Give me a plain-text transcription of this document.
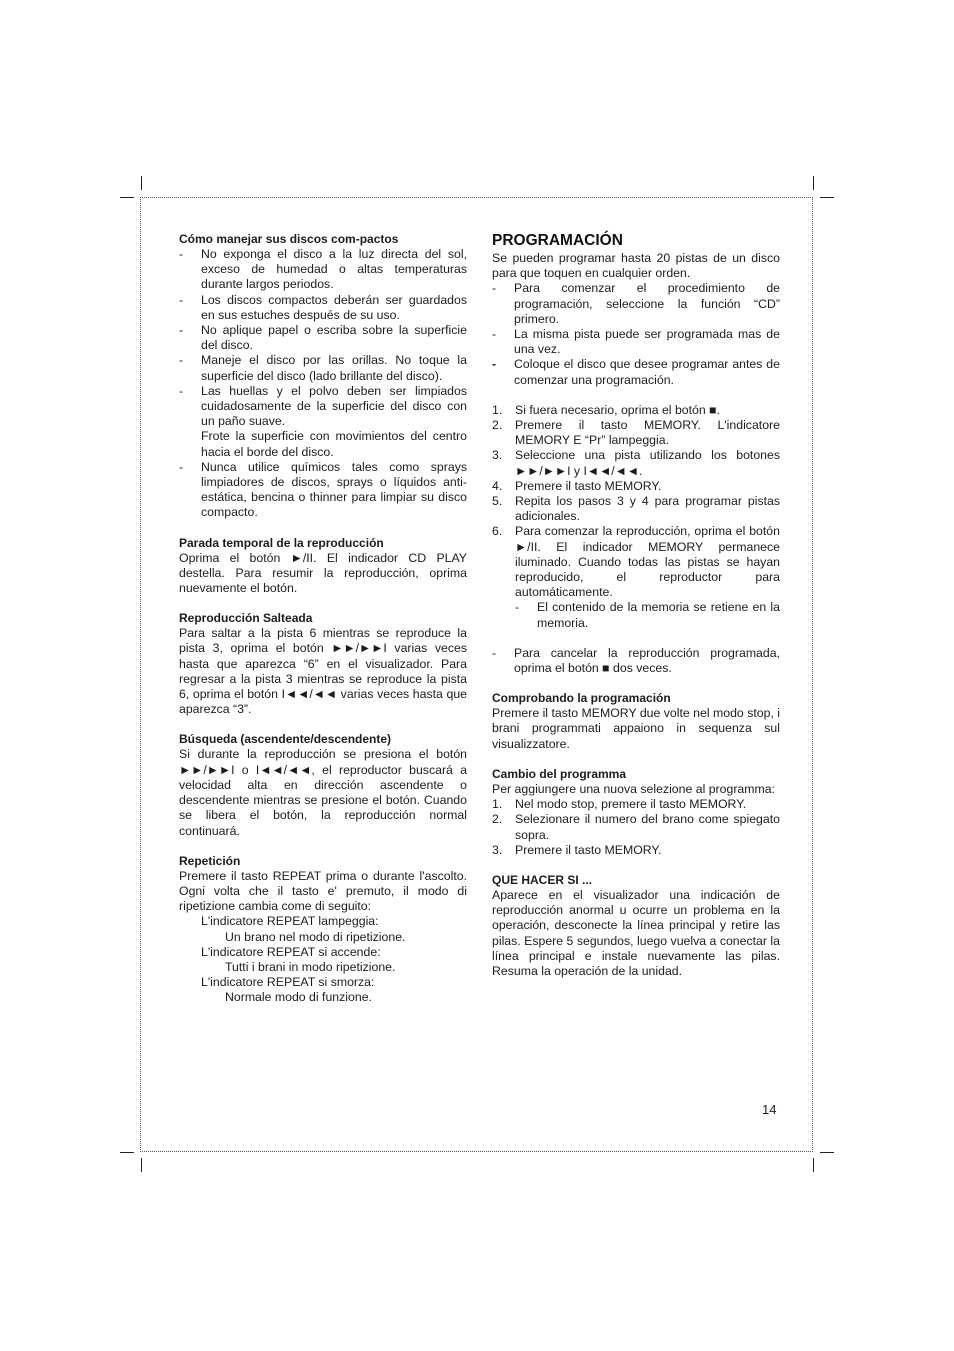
Cómo manejar sus discos com-pactos
- No exponga el disco a la luz directa del sol, exceso de humedad o altas temperaturas durante largos periodos.
- Los discos compactos deberán ser guardados en sus estuches después de su uso.
- No aplique papel o escriba sobre la superficie del disco.
- Maneje el disco por las orillas. No toque la superficie del disco (lado brillante del disco).
- Las huellas y el polvo deben ser limpiados cuidadosamente de la superficie del disco con un paño suave.
Frote la superficie con movimientos del centro hacia el borde del disco.
- Nunca utilice químicos tales como sprays limpiadores de discos, sprays o líquidos anti-estática, bencina o thinner para limpiar su disco compacto.
Parada temporal de la reproducción

Oprima el botón ►/II. El indicador CD PLAY destella. Para resumir la reproducción, oprima nuevamente el botón.

Reproducción Salteada

Para saltar a la pista 6 mientras se reproduce la pista 3, oprima el botón ►►/►►I varias veces hasta que aparezca “6” en el visualizador. Para regresar a la pista 3 mientras se reproduce la pista 6, oprima el botón I◄◄/◄◄ varias veces hasta que aparezca “3”.

Búsqueda (ascendente/descendente)

Si durante la reproducción se presiona el botón ►►/►►I o I◄◄/◄◄, el reproductor buscará a velocidad alta en dirección ascendente o descendente mientras se presione el botón. Cuando se libera el botón, la reproducción normal continuará.

Repetición

Premere il tasto REPEAT prima o durante l'ascolto. Ogni volta che il tasto e' premuto, il modo di ripetizione cambia come di seguito:

L'indicatore REPEAT lampeggia:
Un brano nel modo di ripetizione.
L'indicatore REPEAT si accende:
Tutti i brani in modo ripetizione.
L'indicatore REPEAT si smorza:
Normale modo di funzione.
PROGRAMACIÓN

Se pueden programar hasta 20 pistas de un disco para que toquen en cualquier orden.

- Para comenzar el procedimiento de programación, seleccione la función “CD” primero.
- La misma pista puede ser programada mas de una vez.
- Coloque el disco que desee programar antes de comenzar una programación.
1. Si fuera necesario, oprima el botón ■.
2. Premere il tasto MEMORY. L'indicatore MEMORY E “Pr” lampeggia.
3. Seleccione una pista utilizando los botones ►►/►►I y I◄◄/◄◄.
4. Premere il tasto MEMORY.
5. Repita los pasos 3 y 4 para programar pistas adicionales.
6. Para comenzar la reproducción, oprima el botón ►/II. El indicador MEMORY permanece iluminado. Cuando todas las pistas se hayan reproducido, el reproductor para automáticamente.
- El contenido de la memoria se retiene en la memoria.
- Para cancelar la reproducción programada, oprima el botón ■ dos veces.
Comprobando la programación

Premere il tasto MEMORY due volte nel modo stop, i brani programmati appaiono in sequenza sul visualizzatore.

Cambio del programma

Per aggiungere una nuova selezione al programma:

1. Nel modo stop, premere il tasto MEMORY.
2. Selezionare il numero del brano come spiegato sopra.
3. Premere il tasto MEMORY.
QUE HACER SI ...

Aparece en el visualizador una indicación de reproducción anormal u ocurre un problema en la operación, desconecte la línea principal y retire las pilas. Espere 5 segundos, luego vuelva a conectar la línea principal e instale nuevamente las pilas. Resuma la operación de la unidad.

14
